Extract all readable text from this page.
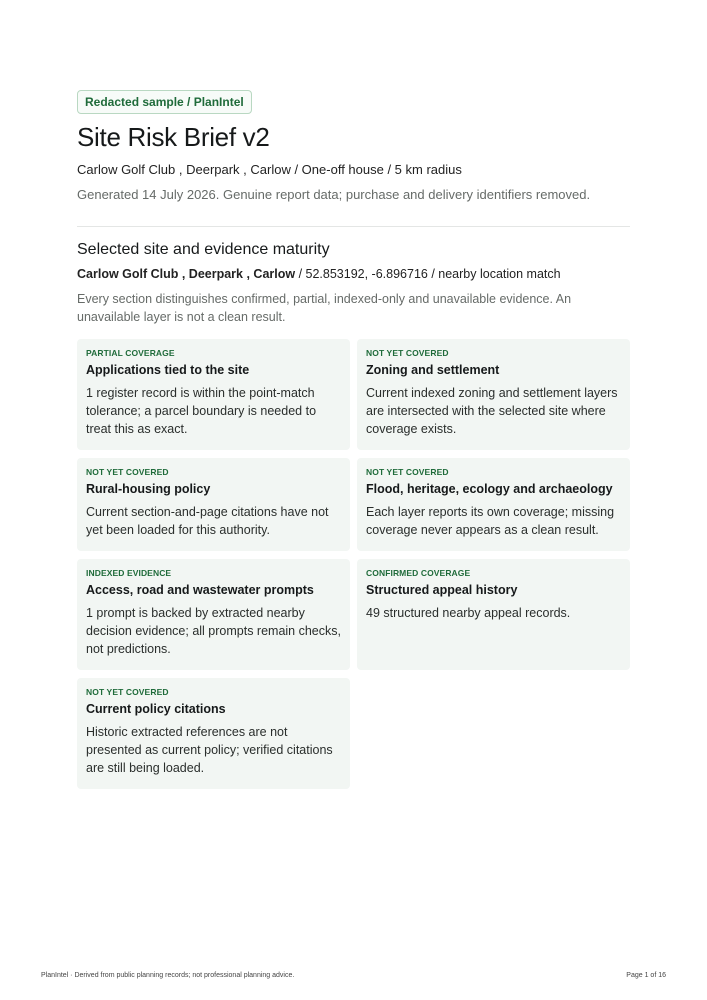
Redacted sample / PlanIntel
Site Risk Brief v2
Carlow Golf Club , Deerpark , Carlow / One-off house / 5 km radius
Generated 14 July 2026. Genuine report data; purchase and delivery identifiers removed.
Selected site and evidence maturity
Carlow Golf Club , Deerpark , Carlow / 52.853192, -6.896716 / nearby location match
Every section distinguishes confirmed, partial, indexed-only and unavailable evidence. An unavailable layer is not a clean result.
PARTIAL COVERAGE
Applications tied to the site
1 register record is within the point-match tolerance; a parcel boundary is needed to treat this as exact.
NOT YET COVERED
Zoning and settlement
Current indexed zoning and settlement layers are intersected with the selected site where coverage exists.
NOT YET COVERED
Rural-housing policy
Current section-and-page citations have not yet been loaded for this authority.
NOT YET COVERED
Flood, heritage, ecology and archaeology
Each layer reports its own coverage; missing coverage never appears as a clean result.
INDEXED EVIDENCE
Access, road and wastewater prompts
1 prompt is backed by extracted nearby decision evidence; all prompts remain checks, not predictions.
CONFIRMED COVERAGE
Structured appeal history
49 structured nearby appeal records.
NOT YET COVERED
Current policy citations
Historic extracted references are not presented as current policy; verified citations are still being loaded.
PlanIntel · Derived from public planning records; not professional planning advice.	Page 1 of 16
